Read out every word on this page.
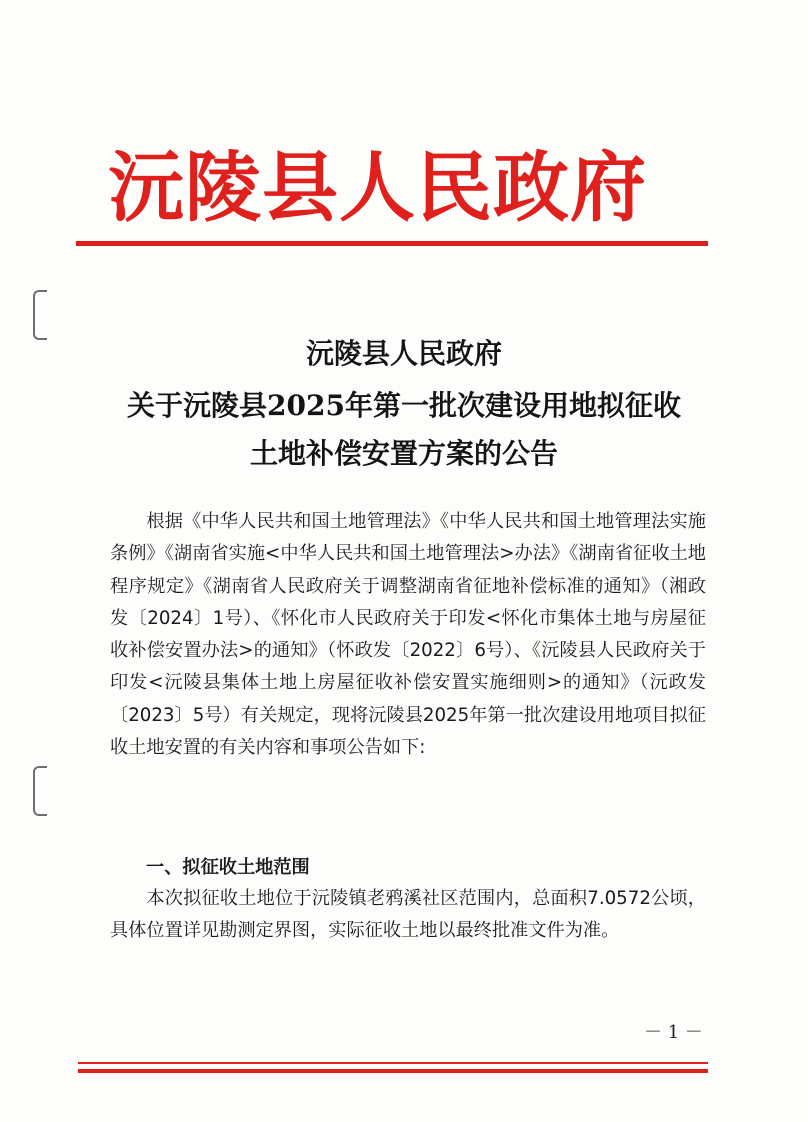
沅陵县人民政府
沅陵县人民政府
关于沅陵县2025年第一批次建设用地拟征收
土地补偿安置方案的公告

根据《中华人民共和国土地管理法》《中华人民共和国土地管理法实施条例》《湖南省实施<中华人民共和国土地管理法>办法》《湖南省征收土地程序规定》《湖南省人民政府关于调整湖南省征地补偿标准的通知》（湘政发〔2024〕1号）、《怀化市人民政府关于印发<怀化市集体土地与房屋征收补偿安置办法>的通知》（怀政发〔2022〕6号）、《沅陵县人民政府关于印发<沅陵县集体土地上房屋征收补偿安置实施细则>的通知》（沅政发〔2023〕5号）有关规定，现将沅陵县2025年第一批次建设用地项目拟征收土地安置的有关内容和事项公告如下:

一、拟征收土地范围

本次拟征收土地位于沅陵镇老鸦溪社区范围内，总面积7.0572公顷，具体位置详见勘测定界图，实际征收土地以最终批准文件为准。

－ 1 －
